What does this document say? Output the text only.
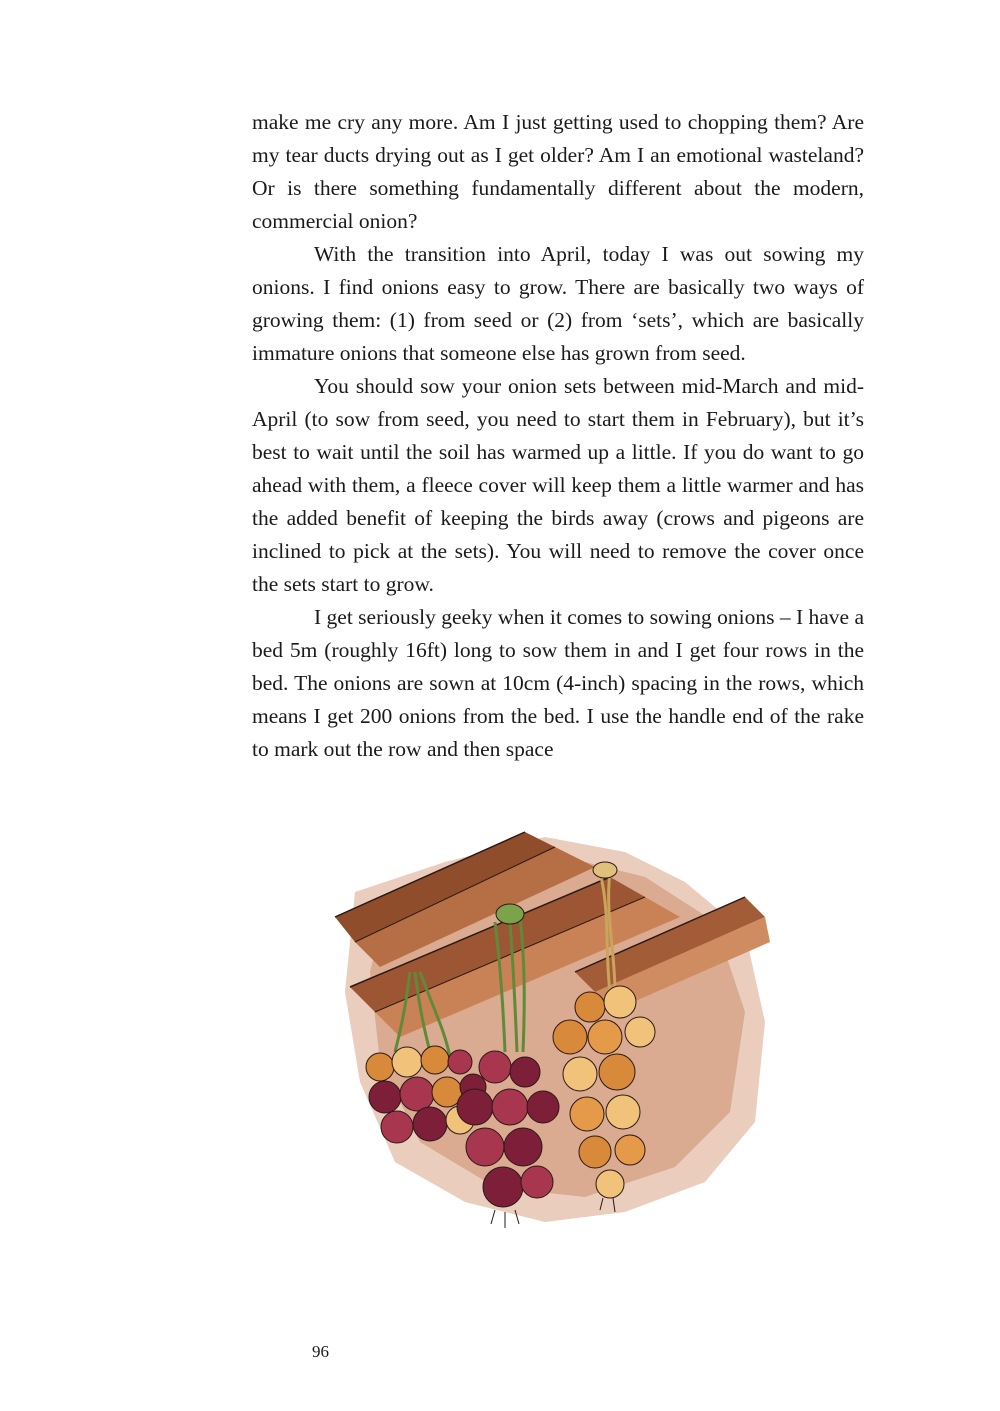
make me cry any more. Am I just getting used to chopping them? Are my tear ducts drying out as I get older? Am I an emotional wasteland? Or is there something fundamentally different about the modern, commercial onion?

With the transition into April, today I was out sowing my onions. I find onions easy to grow. There are basically two ways of growing them: (1) from seed or (2) from ‘sets’, which are basically immature onions that someone else has grown from seed.

You should sow your onion sets between mid-March and mid-April (to sow from seed, you need to start them in February), but it’s best to wait until the soil has warmed up a little. If you do want to go ahead with them, a fleece cover will keep them a little warmer and has the added benefit of keeping the birds away (crows and pigeons are inclined to pick at the sets). You will need to remove the cover once the sets start to grow.

I get seriously geeky when it comes to sowing onions – I have a bed 5m (roughly 16ft) long to sow them in and I get four rows in the bed. The onions are sown at 10cm (4-inch) spacing in the rows, which means I get 200 onions from the bed. I use the handle end of the rake to mark out the row and then space

96
